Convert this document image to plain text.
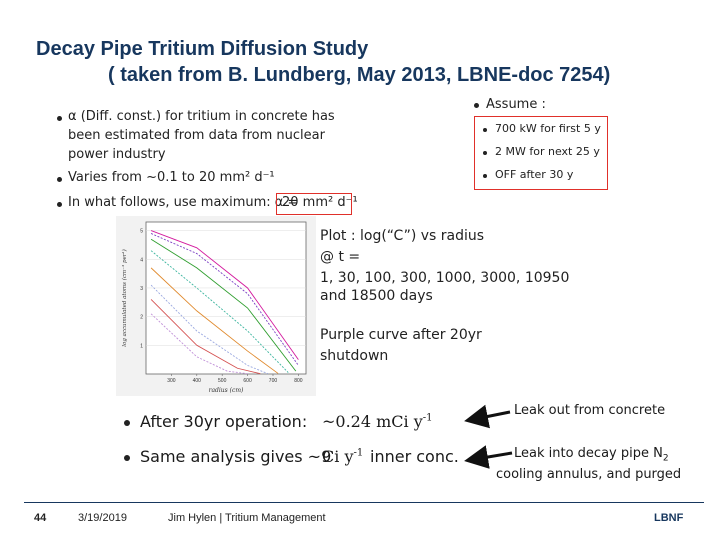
Decay Pipe Tritium Diffusion Study
( taken from B. Lundberg, May 2013, LBNE-doc 7254)
α (Diff. const.) for tritium in concrete has been estimated from data from nuclear power industry
Varies from ~0.1 to 20 mm² d⁻¹
In what follows, use maximum: α =
20 mm² d⁻¹
Assume :
700 kW for first 5 y
2 MW for next 25 y
OFF after 30 y
1
2
3
4
5
300	400	500	600	700	800
radius (cm)
log accumulated atoms (cm⁻³ per¹)
Plot : log(“C”) vs radius
@ t =
1, 30, 100, 300, 1000, 3000, 10950
and 18500 days
Purple curve after 20yr
shutdown
After 30yr operation: ~0.24 mCi $y^{-1}$
Same analysis gives ~9
Ci $y^{-1}$ inner conc.
Leak out from concrete
Leak into decay pipe $N_2$
cooling annulus, and purged
44	3/19/2019	Jim Hylen | Tritium Management	LBNF
